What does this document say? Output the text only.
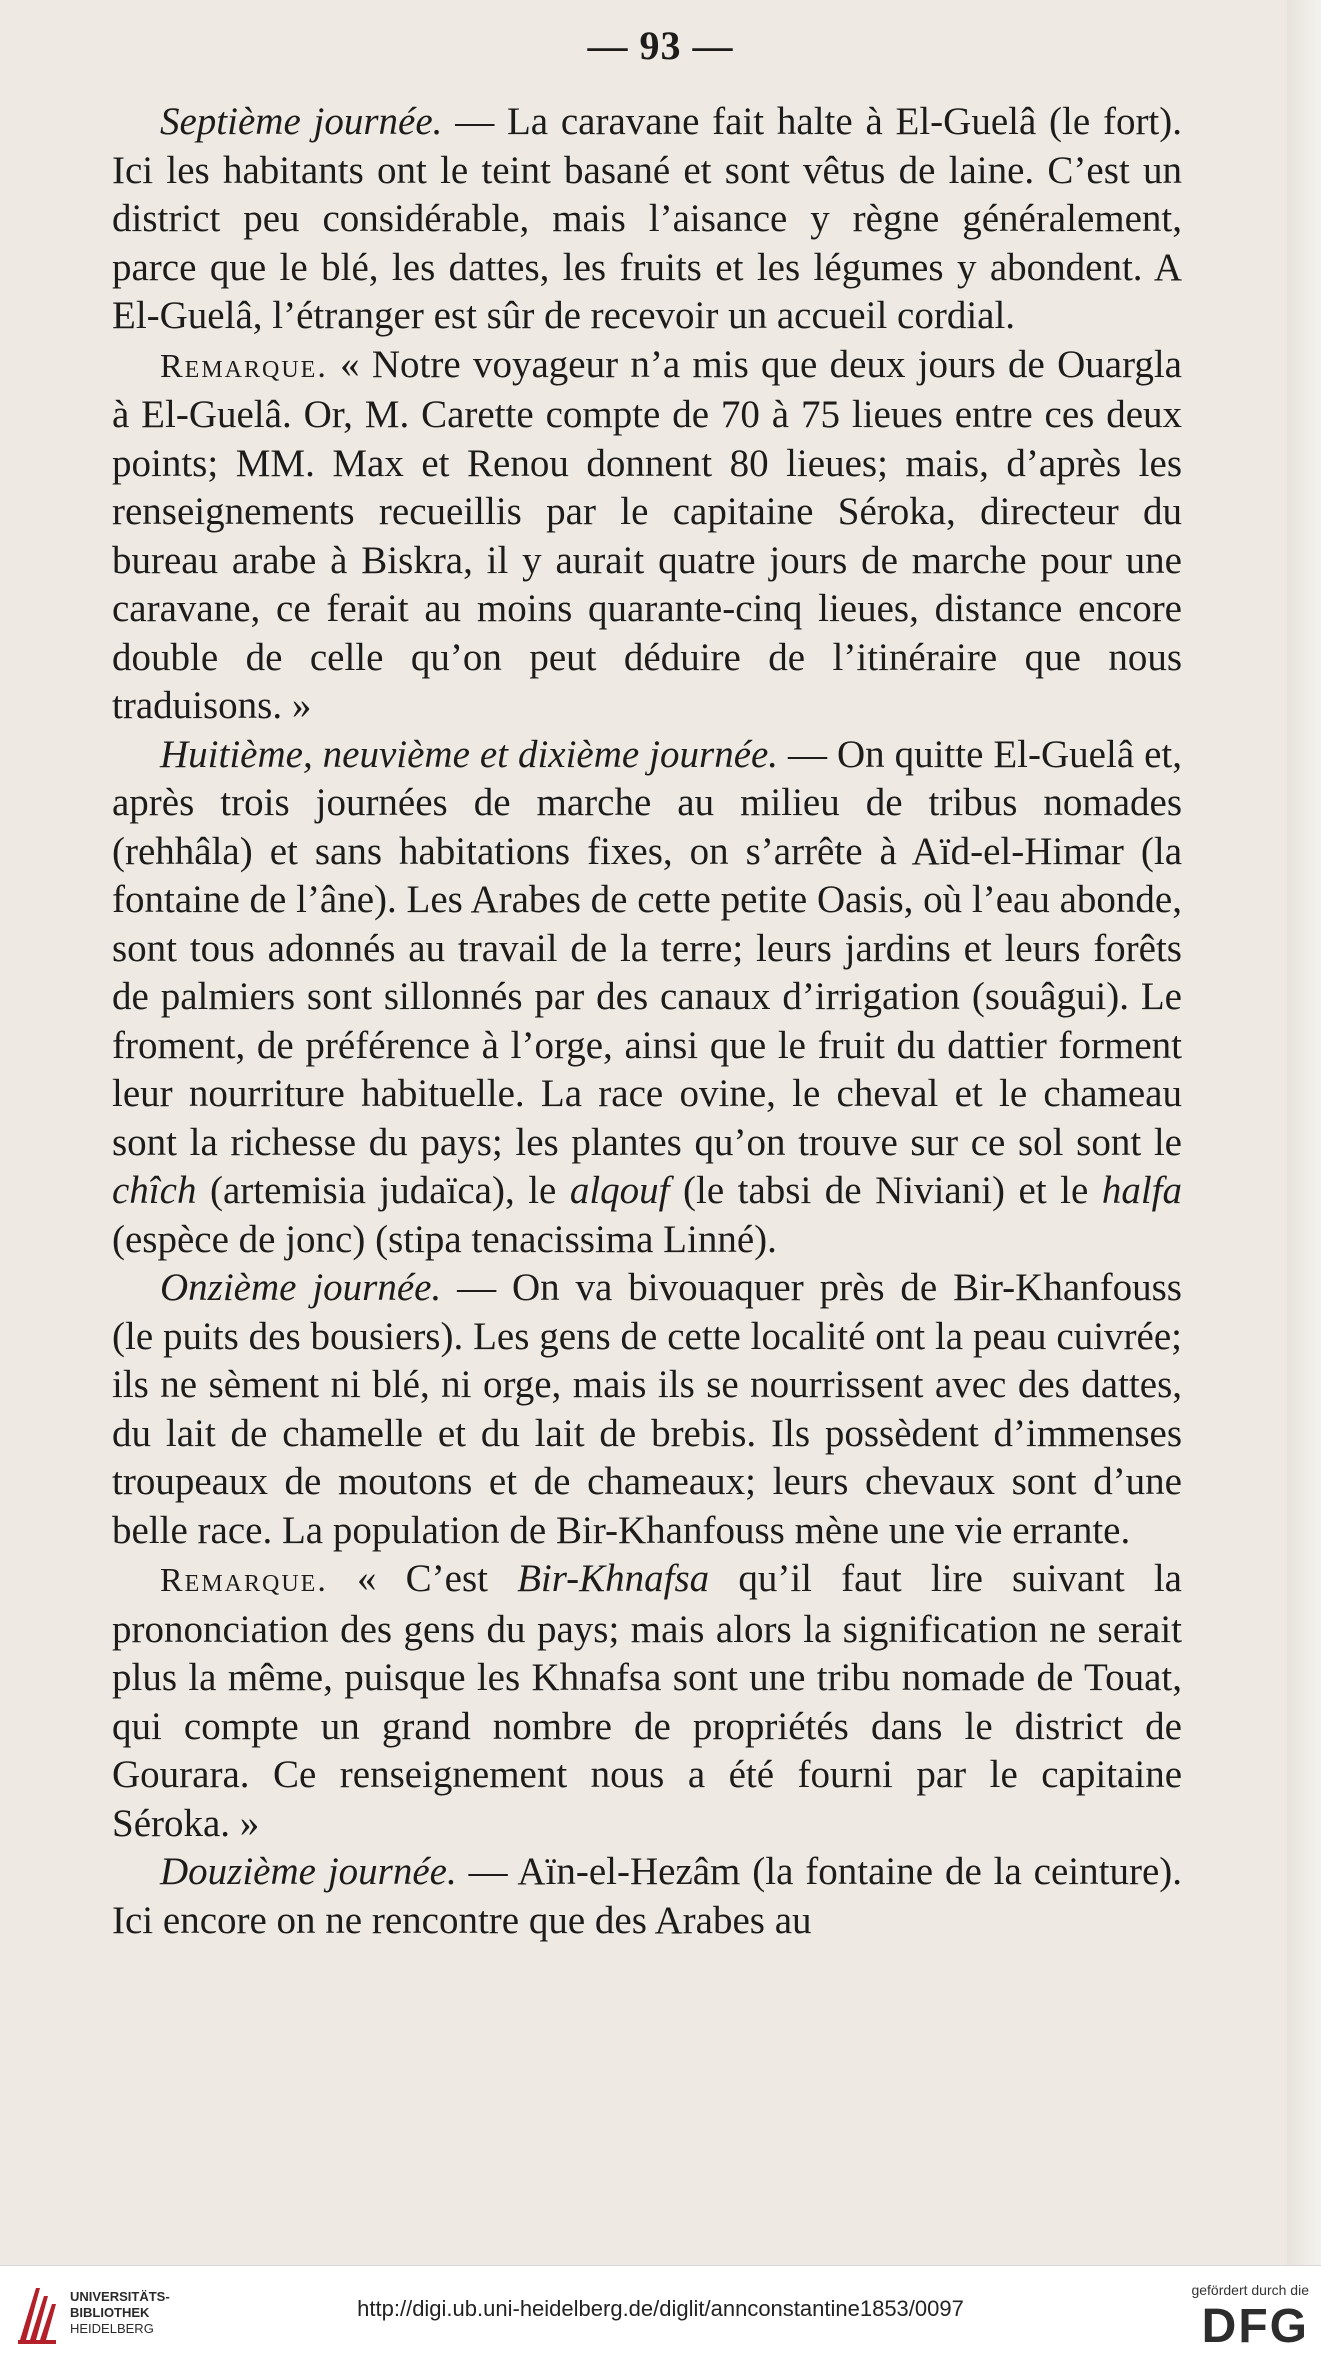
— 93 —

Septième journée. — La caravane fait halte à El-Guelâ (le fort). Ici les habitants ont le teint basané et sont vêtus de laine. C’est un district peu considérable, mais l’aisance y règne généralement, parce que le blé, les dattes, les fruits et les légumes y abondent. A El-Guelâ, l’étranger est sûr de recevoir un accueil cordial.

Remarque. « Notre voyageur n’a mis que deux jours de Ouargla à El-Guelâ. Or, M. Carette compte de 70 à 75 lieues entre ces deux points; MM. Max et Renou donnent 80 lieues; mais, d’après les renseignements recueillis par le capitaine Séroka, directeur du bureau arabe à Biskra, il y aurait quatre jours de marche pour une caravane, ce ferait au moins quarante-cinq lieues, distance encore double de celle qu’on peut déduire de l’itinéraire que nous traduisons. »

Huitième, neuvième et dixième journée. — On quitte El-Guelâ et, après trois journées de marche au milieu de tribus nomades (rehhâla) et sans habitations fixes, on s’arrête à Aïd-el-Himar (la fontaine de l’âne). Les Arabes de cette petite Oasis, où l’eau abonde, sont tous adonnés au travail de la terre; leurs jardins et leurs forêts de palmiers sont sillonnés par des canaux d’irrigation (souâgui). Le froment, de préférence à l’orge, ainsi que le fruit du dattier forment leur nourriture habituelle. La race ovine, le cheval et le chameau sont la richesse du pays; les plantes qu’on trouve sur ce sol sont le chîch (artemisia judaïca), le alqouf (le tabsi de Niviani) et le halfa (espèce de jonc) (stipa tenacissima Linné).

Onzième journée. — On va bivouaquer près de Bir-Khanfouss (le puits des bousiers). Les gens de cette localité ont la peau cuivrée; ils ne sèment ni blé, ni orge, mais ils se nourrissent avec des dattes, du lait de chamelle et du lait de brebis. Ils possèdent d’immenses troupeaux de moutons et de chameaux; leurs chevaux sont d’une belle race. La population de Bir-Khanfouss mène une vie errante.

Remarque. « C’est Bir-Khnafsa qu’il faut lire suivant la prononciation des gens du pays; mais alors la signification ne serait plus la même, puisque les Khnafsa sont une tribu nomade de Touat, qui compte un grand nombre de propriétés dans le district de Gourara. Ce renseignement nous a été fourni par le capitaine Séroka. »

Douzième journée. — Aïn-el-Hezâm (la fontaine de la ceinture). Ici encore on ne rencontre que des Arabes au

UNIVERSITÄTS-
BIBLIOTHEK
HEIDELBERG
http://digi.ub.uni-heidelberg.de/diglit/annconstantine1853/0097
gefördert durch die
DFG
